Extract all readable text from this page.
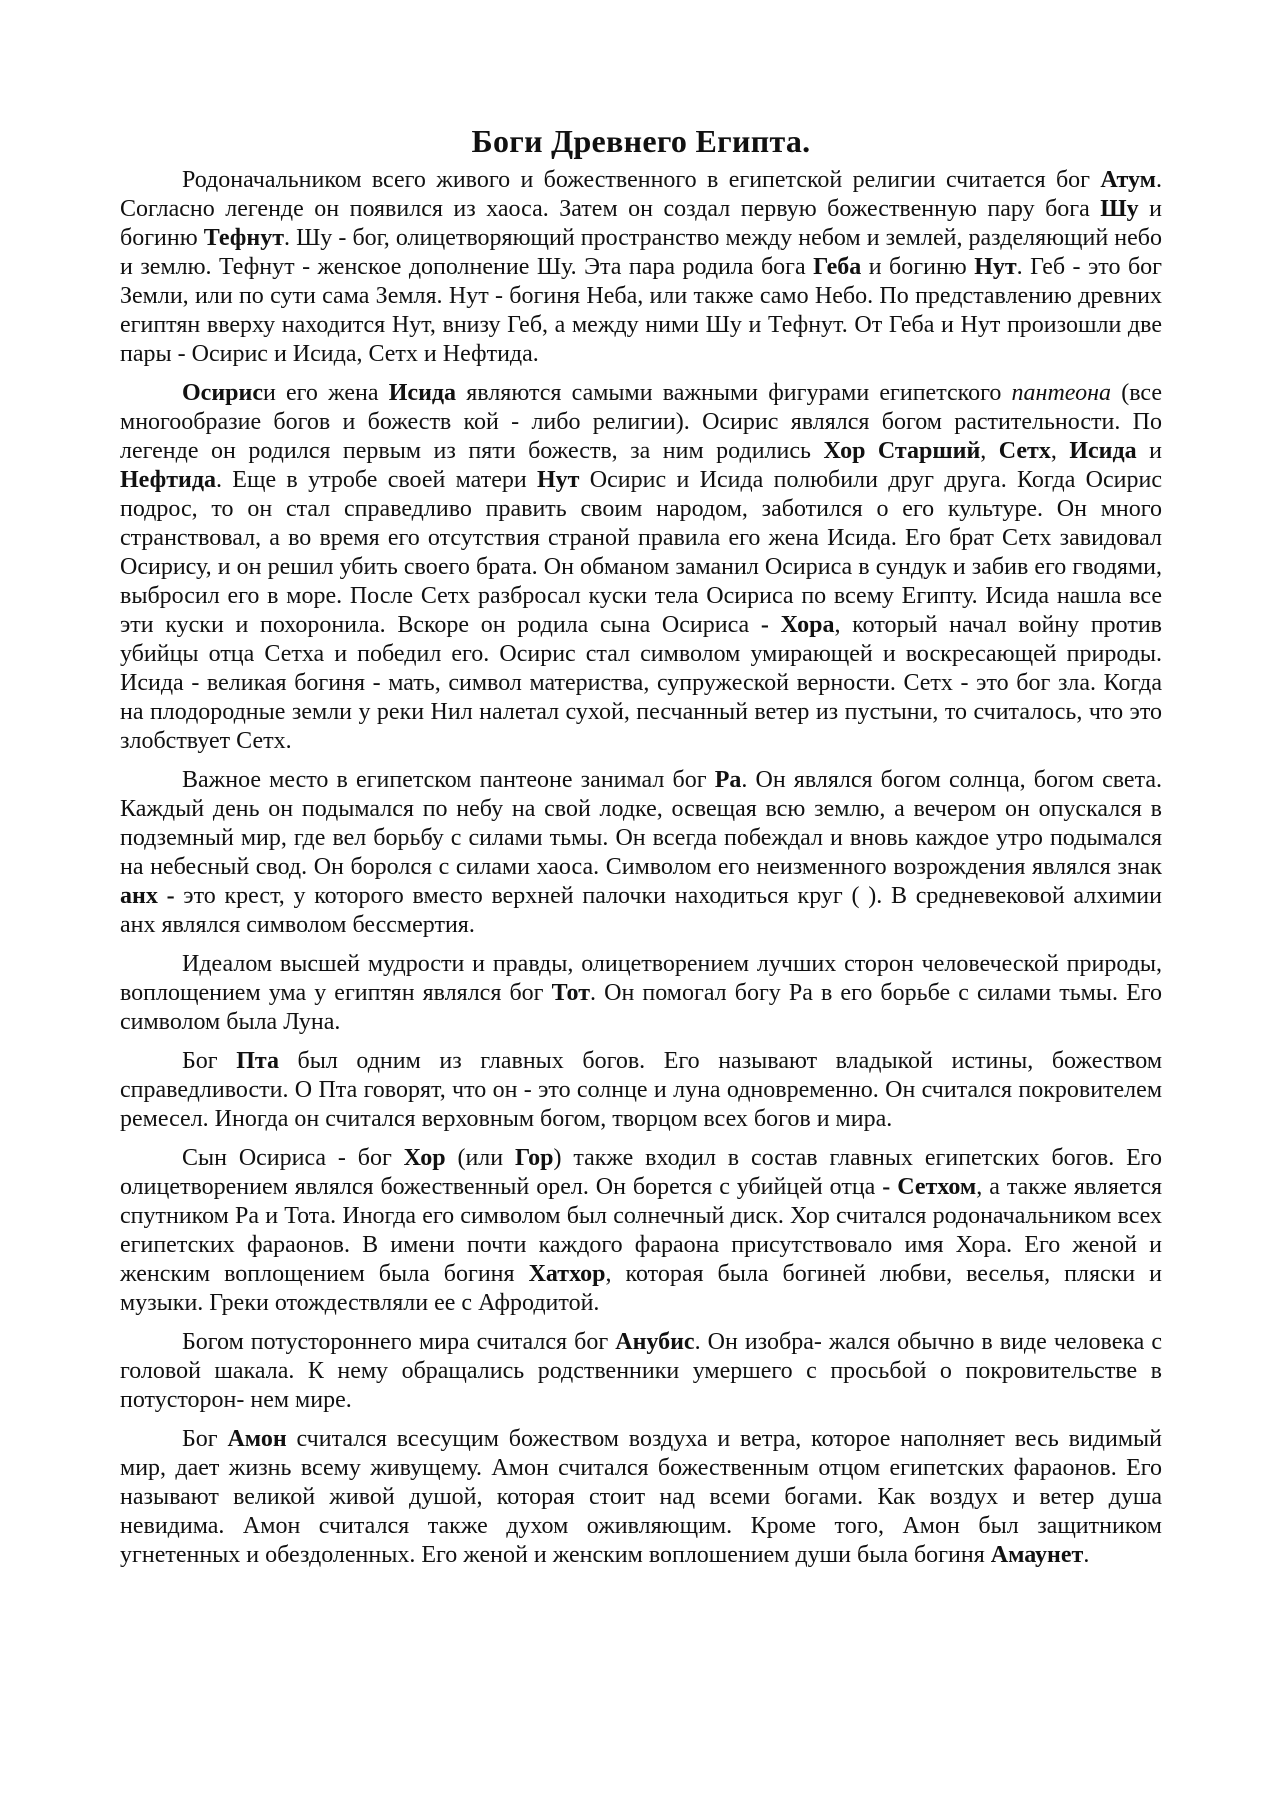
Боги Древнего Египта.

Родоначальником всего живого и божественного в египетской религии считается бог Атум. Согласно легенде он появился из хаоса. Затем он создал первую божественную пару бога Шу и богиню Тефнут. Шу - бог, олицетворяющий пространство между небом и землей, разделяющий небо и землю. Тефнут - женское дополнение Шу. Эта пара родила бога Геба и богиню Нут. Геб - это бог Земли, или по сути сама Земля. Нут - богиня Неба, или также само Небо. По представлению древних египтян вверху находится Нут, внизу Геб, а между ними Шу и Тефнут. От Геба и Нут произошли две пары - Осирис и Исида, Сетх и Нефтида.

Осириси его жена Исида являются самыми важными фигурами египетского пантеона (все многообразие богов и божеств кой - либо религии). Осирис являлся богом растительности. По легенде он родился первым из пяти божеств, за ним родились Хор Старший, Сетх, Исида и Нефтида. Еще в утробе своей матери Нут Осирис и Исида полюбили друг друга. Когда Осирис подрос, то он стал справедливо править своим народом, заботился о его культуре. Он много странствовал, а во время его отсутствия страной правила его жена Исида. Его брат Сетх завидовал Осирису, и он решил убить своего брата. Он обманом заманил Осириса в сундук и забив его гводями, выбросил его в море. После Сетх разбросал куски тела Осириса по всему Египту. Исида нашла все эти куски и похоронила. Вскоре он родила сына Осириса - Хора, который начал войну против убийцы отца Сетха и победил его. Осирис стал символом умирающей и воскресающей природы. Исида - великая богиня - мать, символ материства, супружеской верности. Сетх - это бог зла. Когда на плодородные земли у реки Нил налетал сухой, песчанный ветер из пустыни, то считалось, что это злобствует Сетх.

Важное место в египетском пантеоне занимал бог Ра. Он являлся богом солнца, богом света. Каждый день он подымался по небу на свой лодке, освещая всю землю, а вечером он опускался в подземный мир, где вел борьбу с силами тьмы. Он всегда побеждал и вновь каждое утро подымался на небесный свод. Он боролся с силами хаоса. Символом его неизменного возрождения являлся знак анх - это крест, у которого вместо верхней палочки находиться круг ( ). В средневековой алхимии анх являлся символом бессмертия.

Идеалом высшей мудрости и правды, олицетворением лучших сторон человеческой природы, воплощением ума у египтян являлся бог Тот. Он помогал богу Ра в его борьбе с силами тьмы. Его символом была Луна.

Бог Пта был одним из главных богов. Его называют владыкой истины, божеством справедливости. О Пта говорят, что он - это солнце и луна одновременно. Он считался покровителем ремесел. Иногда он считался верховным богом, творцом всех богов и мира.

Сын Осириса - бог Хор (или Гор) также входил в состав главных египетских богов. Его олицетворением являлся божественный орел. Он борется с убийцей отца - Сетхом, а также является спутником Ра и Тота. Иногда его символом был солнечный диск. Хор считался родоначальником всех египетских фараонов. В имени почти каждого фараона присутствовало имя Хора. Его женой и женским воплощением была богиня Хатхор, которая была богиней любви, веселья, пляски и музыки. Греки отождествляли ее с Афродитой.

Богом потустороннего мира считался бог Анубис. Он изобра- жался обычно в виде человека с головой шакала. К нему обращались родственники умершего с просьбой о покровительстве в потусторон- нем мире.

Бог Амон считался всесущим божеством воздуха и ветра, которое наполняет весь видимый мир, дает жизнь всему живущему. Амон считался божественным отцом египетских фараонов. Его называют великой живой душой, которая стоит над всеми богами. Как воздух и ветер душа невидима. Амон считался также духом оживляющим. Кроме того, Амон был защитником угнетенных и обездоленных. Его женой и женским воплошением души была богиня Амаунет.
